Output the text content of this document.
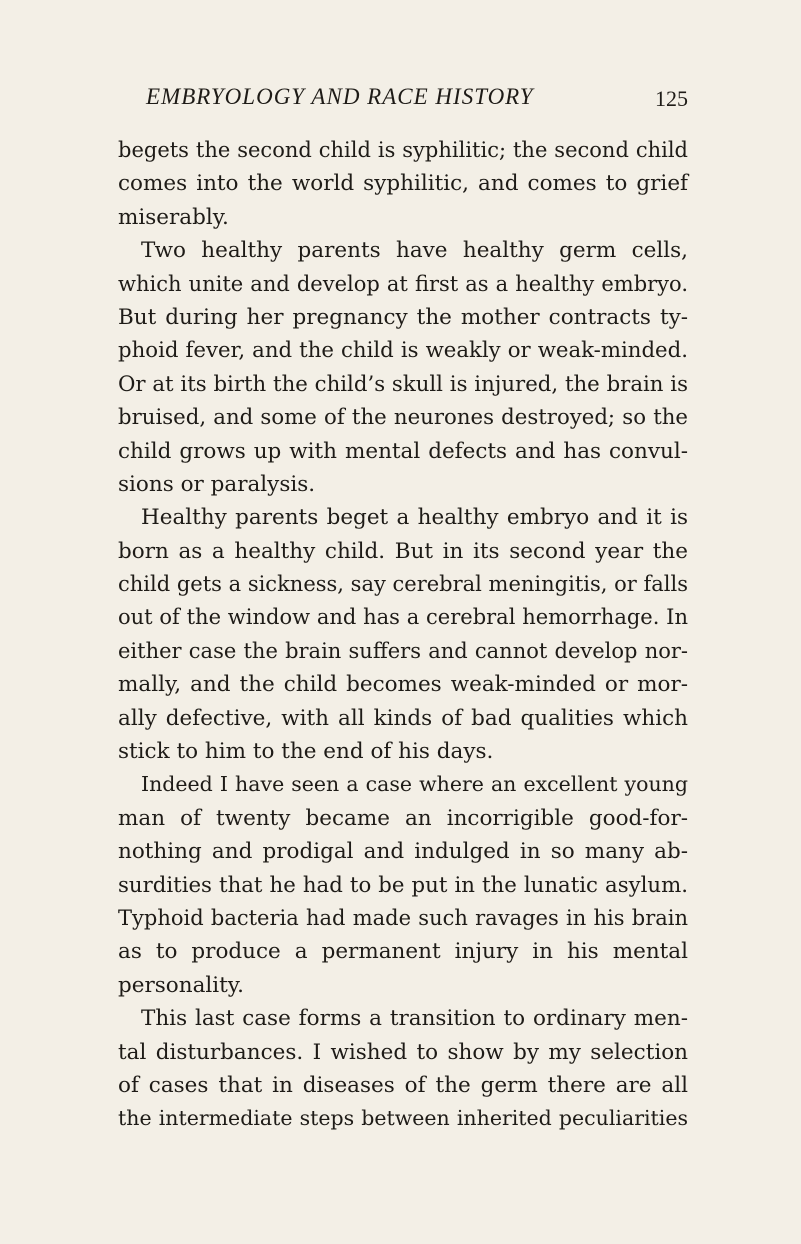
EMBRYOLOGY AND RACE HISTORY	125
begets the second child is syphilitic; the second child
comes into the world syphilitic, and comes to grief
miserably.
Two healthy parents have healthy germ cells,
which unite and develop at first as a healthy embryo.
But during her pregnancy the mother contracts ty-
phoid fever, and the child is weakly or weak-minded.
Or at its birth the child’s skull is injured, the brain is
bruised, and some of the neurones destroyed; so the
child grows up with mental defects and has convul-
sions or paralysis.
Healthy parents beget a healthy embryo and it is
born as a healthy child. But in its second year the
child gets a sickness, say cerebral meningitis, or falls
out of the window and has a cerebral hemorrhage. In
either case the brain suffers and cannot develop nor-
mally, and the child becomes weak-minded or mor-
ally defective, with all kinds of bad qualities which
stick to him to the end of his days.
Indeed I have seen a case where an excellent young
man of twenty became an incorrigible good-for-
nothing and prodigal and indulged in so many ab-
surdities that he had to be put in the lunatic asylum.
Typhoid bacteria had made such ravages in his brain
as to produce a permanent injury in his mental
personality.
This last case forms a transition to ordinary men-
tal disturbances. I wished to show by my selection
of cases that in diseases of the germ there are all
the intermediate steps between inherited peculiarities
